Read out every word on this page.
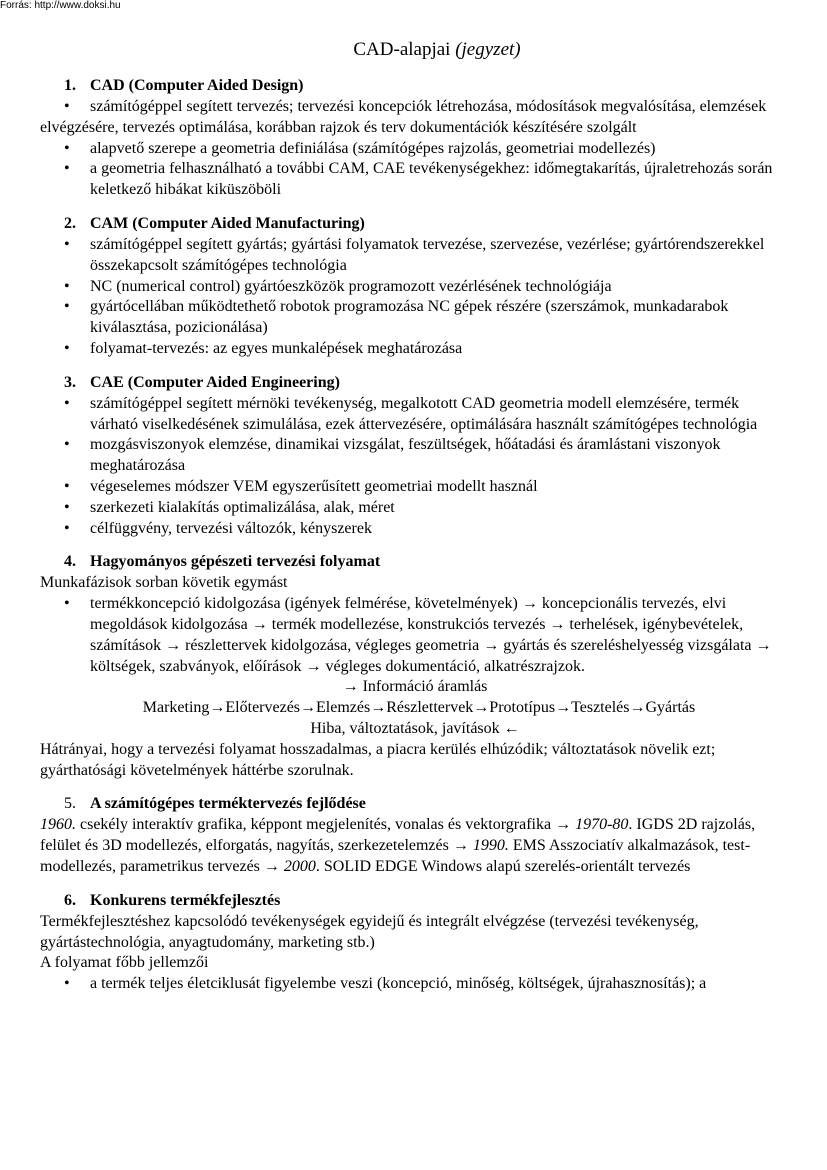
Forrás: http://www.doksi.hu
CAD-alapjai (jegyzet)
1. CAD (Computer Aided Design)
• számítógéppel segített tervezés; tervezési koncepciók létrehozása, módosítások megvalósítása, elemzések elvégzésére, tervezés optimálása, korábban rajzok és terv dokumentációk készítésére szolgált
• alapvető szerepe a geometria definiálása (számítógépes rajzolás, geometriai modellezés)
• a geometria felhasználható a további CAM, CAE tevékenységekhez: időmegtakarítás, újraletrehozás során keletkező hibákat kiküszöböli
2. CAM (Computer Aided Manufacturing)
• számítógéppel segített gyártás; gyártási folyamatok tervezése, szervezése, vezérlése; gyártórendszerekkel összekapcsolt számítógépes technológia
• NC (numerical control) gyártóeszközök programozott vezérlésének technológiája
• gyártócellában működtethető robotok programozása NC gépek részére (szerszámok, munkadarabok kiválasztása, pozicionálása)
• folyamat-tervezés: az egyes munkalépések meghatározása
3. CAE (Computer Aided Engineering)
• számítógéppel segített mérnöki tevékenység, megalkotott CAD geometria modell elemzésére, termék várható viselkedésének szimulálása, ezek áttervezésére, optimálására használt számítógépes technológia
• mozgásviszonyok elemzése, dinamikai vizsgálat, feszültségek, hőátadási és áramlástani viszonyok meghatározása
• végeselemes módszer VEM egyszerűsített geometriai modellt használ
• szerkezeti kialakítás optimalizálása, alak, méret
• célfüggvény, tervezési változók, kényszerek
4. Hagyományos gépészeti tervezési folyamat

Munkafázisok sorban követik egymást

• termékkoncepció kidolgozása (igények felmérése, követelmények) → koncepcionális tervezés, elvi megoldások kidolgozása → termék modellezése, konstrukciós tervezés → terhelések, igénybevételek, számítások → részlettervek kidolgozása, végleges geometria → gyártás és szereléshelyesség vizsgálata → költségek, szabványok, előírások → végleges dokumentáció, alkatrészrajzok.

→ Információ áramlás

Marketing→Előtervezés→Elemzés→Részlettervek→Prototípus→Tesztelés→Gyártás

Hiba, változtatások, javítások ←

Hátrányai, hogy a tervezési folyamat hosszadalmas, a piacra kerülés elhúzódik; változtatások növelik ezt; gyárthatósági követelmények háttérbe szorulnak.

5. A számítógépes terméktervezés fejlődése

1960. csekély interaktív grafika, képpont megjelenítés, vonalas és vektorgrafika → 1970-80. IGDS 2D rajzolás, felület és 3D modellezés, elforgatás, nagyítás, szerkezetelemzés → 1990. EMS Asszociatív alkalmazások, test-modellezés, parametrikus tervezés → 2000. SOLID EDGE Windows alapú szerelés-orientált tervezés

6. Konkurens termékfejlesztés

Termékfejlesztéshez kapcsolódó tevékenységek egyidejű és integrált elvégzése (tervezési tevékenység, gyártástechnológia, anyagtudomány, marketing stb.)

A folyamat főbb jellemzői

• a termék teljes életciklusát figyelembe veszi (koncepció, minőség, költségek, újrahasznosítás); a
